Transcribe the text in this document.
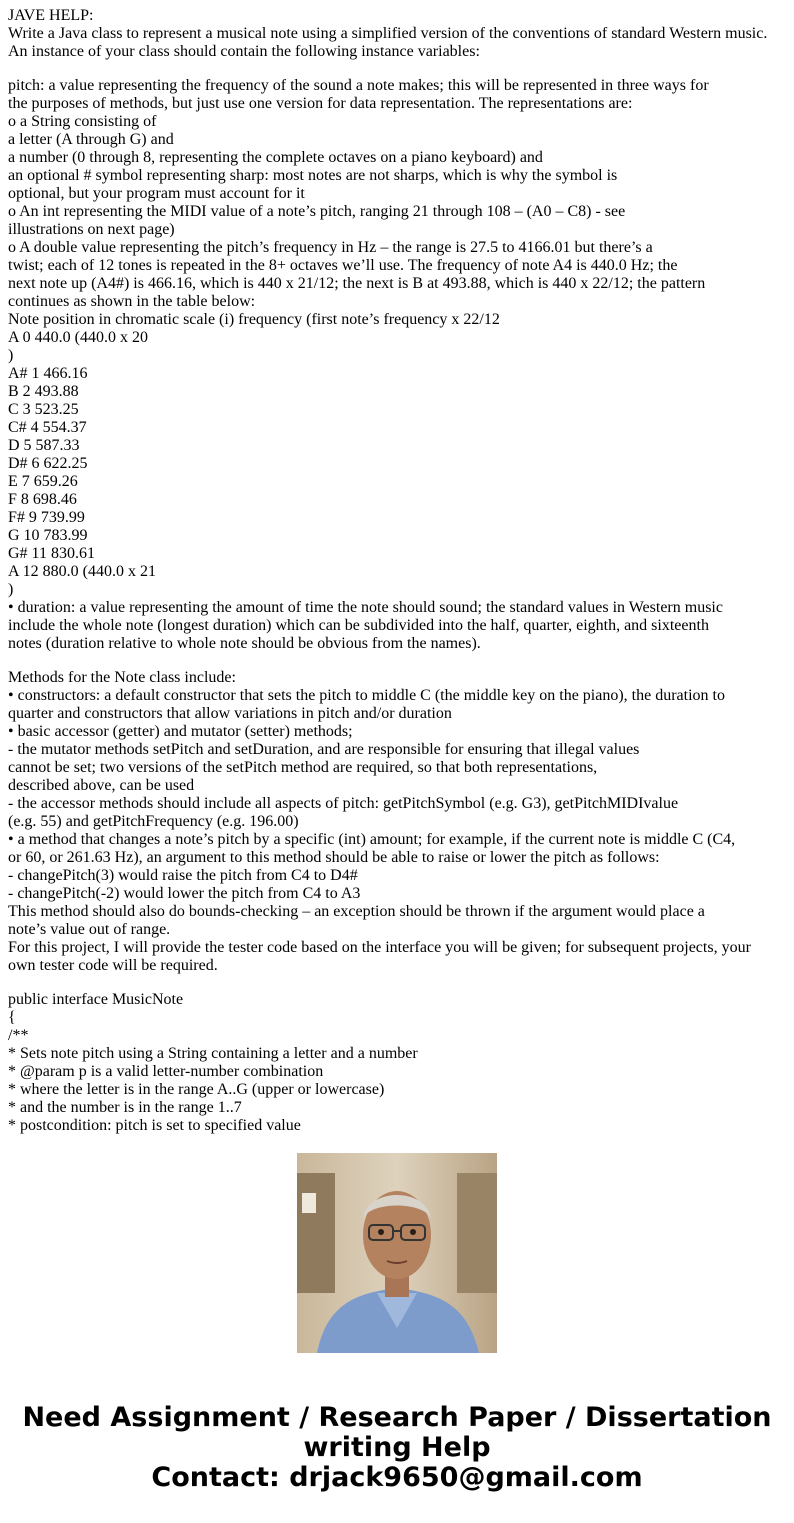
JAVE HELP:
Write a Java class to represent a musical note using a simplified version of the conventions of standard Western music.
An instance of your class should contain the following instance variables:
pitch: a value representing the frequency of the sound a note makes; this will be represented in three ways for
the purposes of methods, but just use one version for data representation. The representations are:
o a String consisting of
a letter (A through G) and
a number (0 through 8, representing the complete octaves on a piano keyboard) and
an optional # symbol representing sharp: most notes are not sharps, which is why the symbol is
optional, but your program must account for it
o An int representing the MIDI value of a note’s pitch, ranging 21 through 108 – (A0 – C8) - see
illustrations on next page)
o A double value representing the pitch’s frequency in Hz – the range is 27.5 to 4166.01 but there’s a
twist; each of 12 tones is repeated in the 8+ octaves we’ll use. The frequency of note A4 is 440.0 Hz; the
next note up (A4#) is 466.16, which is 440 x 21/12; the next is B at 493.88, which is 440 x 22/12; the pattern
continues as shown in the table below:
Note position in chromatic scale (i) frequency (first note’s frequency x 22/12
A 0 440.0 (440.0 x 20
)
A# 1 466.16
B 2 493.88
C 3 523.25
C# 4 554.37
D 5 587.33
D# 6 622.25
E 7 659.26
F 8 698.46
F# 9 739.99
G 10 783.99
G# 11 830.61
A 12 880.0 (440.0 x 21
)
• duration: a value representing the amount of time the note should sound; the standard values in Western music
include the whole note (longest duration) which can be subdivided into the half, quarter, eighth, and sixteenth
notes (duration relative to whole note should be obvious from the names).
Methods for the Note class include:
• constructors: a default constructor that sets the pitch to middle C (the middle key on the piano), the duration to
quarter and constructors that allow variations in pitch and/or duration
• basic accessor (getter) and mutator (setter) methods;
- the mutator methods setPitch and setDuration, and are responsible for ensuring that illegal values
cannot be set; two versions of the setPitch method are required, so that both representations,
described above, can be used
- the accessor methods should include all aspects of pitch: getPitchSymbol (e.g. G3), getPitchMIDIvalue
(e.g. 55) and getPitchFrequency (e.g. 196.00)
• a method that changes a note’s pitch by a specific (int) amount; for example, if the current note is middle C (C4,
or 60, or 261.63 Hz), an argument to this method should be able to raise or lower the pitch as follows:
- changePitch(3) would raise the pitch from C4 to D4#
- changePitch(-2) would lower the pitch from C4 to A3
This method should also do bounds-checking – an exception should be thrown if the argument would place a
note’s value out of range.
For this project, I will provide the tester code based on the interface you will be given; for subsequent projects, your
own tester code will be required.
public interface MusicNote
{
/**
* Sets note pitch using a String containing a letter and a number
* @param p is a valid letter-number combination
* where the letter is in the range A..G (upper or lowercase)
* and the number is in the range 1..7
* postcondition: pitch is set to specified value
Need Assignment / Research Paper / Dissertation
writing Help
Contact: drjack9650@gmail.com
